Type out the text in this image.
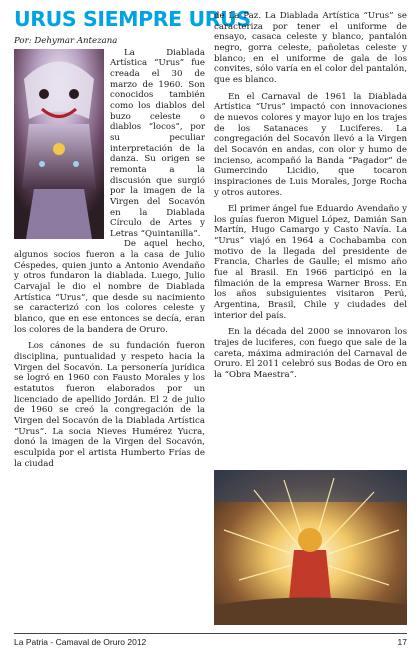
URUS SIEMPRE URUS
Por: Dehymar Antezana

La Diablada Artística “Urus” fue creada el 30 de marzo de 1960. Son conocidos también como los diablos del buzo celeste o diablos “locos”, por su peculiar interpretación de la danza. Su origen se remonta a la discusión que surgió por la imagen de la Virgen del Socavón en la Diablada Círculo de Artes y Letras “Quintanilla”.

De aquel hecho, algunos socios fueron a la casa de Julio Céspedes, quien junto a Antonio Avendaño y otros fundaron la diablada. Luego, Julio Carvajal le dio el nombre de Diablada Artística “Urus”, que desde su nacimiento se caracterizó con los colores celeste y blanco, que en ese entonces se decía, eran los colores de la bandera de Oruro.

Los cánones de su fundación fueron disciplina, puntualidad y respeto hacia la Virgen del Socavón. La personería jurídica se logró en 1960 con Fausto Morales y los estatutos fueron elaborados por un licenciado de apellido Jordán. El 2 de julio de 1960 se creó la congregación de la Virgen del Socavón de la Diablada Artística “Urus”. La socia Nieves Humérez Yucra, donó la imagen de la Virgen del Socavón, esculpida por el artista Humberto Frías de la ciudad

de La Paz. La Diablada Artística “Urus” se caracteriza por tener el uniforme de ensayo, casaca celeste y blanco, pantalón negro, gorra celeste, pañoletas celeste y blanco; en el uniforme de gala de los convites, sólo varía en el color del pantalón, que es blanco.

En el Carnaval de 1961 la Diablada Artística “Urus” impactó con innovaciones de nuevos colores y mayor lujo en los trajes de los Satanaces y Luciferes. La congregación del Socavón llevó a la Virgen del Socavón en andas, con olor y humo de incienso, acompañó la Banda “Pagador” de Gumercindo Licidio, que tocaron inspiraciones de Luis Morales, Jorge Rocha y otros autores.

El primer ángel fue Eduardo Avendaño y los guías fueron Miguel López, Damián San Martín, Hugo Camargo y Casto Navía. La “Urus” viajó en 1964 a Cochabamba con motivo de la llegada del presidente de Francia, Charles de Gaulle; el mismo año fue al Brasil. En 1966 participó en la filmación de la empresa Warner Bross. En los años subsiguientes visitaron Perú, Argentina, Brasil, Chile y ciudades del interior del país.

En la década del 2000 se innovaron los trajes de luciferes, con fuego que sale de la careta, máxima admiración del Carnaval de Oruro. El 2011 celebró sus Bodas de Oro en la “Obra Maestra”.

La Patria - Camaval de Oruro 2012	17
